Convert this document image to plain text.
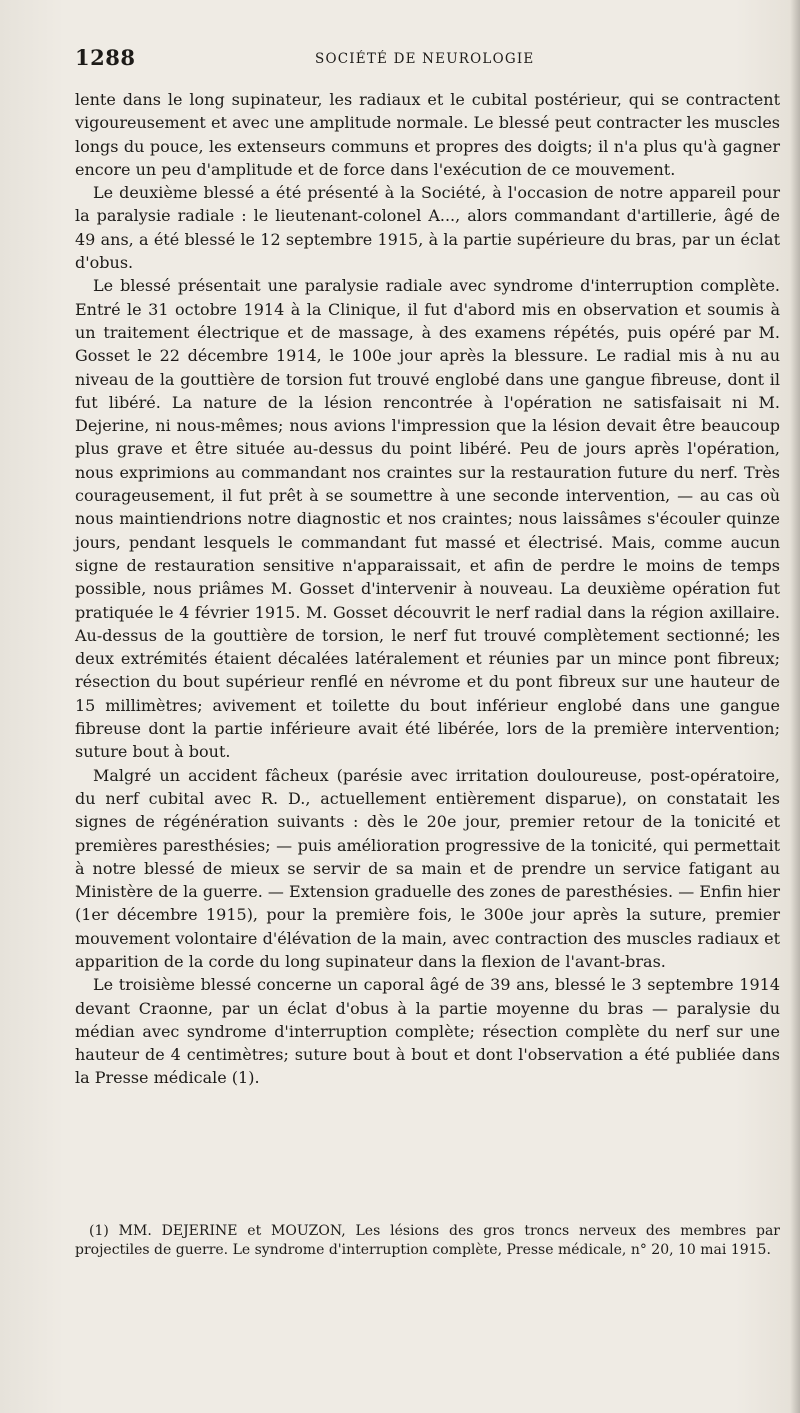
1288	SOCIÉTÉ DE NEUROLOGIE

lente dans le long supinateur, les radiaux et le cubital postérieur, qui se contractent vigoureusement et avec une amplitude normale. Le blessé peut contracter les muscles longs du pouce, les extenseurs communs et propres des doigts; il n'a plus qu'à gagner encore un peu d'amplitude et de force dans l'exécution de ce mouvement.

Le deuxième blessé a été présenté à la Société, à l'occasion de notre appareil pour la paralysie radiale : le lieutenant-colonel A..., alors commandant d'artillerie, âgé de 49 ans, a été blessé le 12 septembre 1915, à la partie supérieure du bras, par un éclat d'obus.

Le blessé présentait une paralysie radiale avec syndrome d'interruption complète. Entré le 31 octobre 1914 à la Clinique, il fut d'abord mis en observation et soumis à un traitement électrique et de massage, à des examens répétés, puis opéré par M. Gosset le 22 décembre 1914, le 100e jour après la blessure. Le radial mis à nu au niveau de la gouttière de torsion fut trouvé englobé dans une gangue fibreuse, dont il fut libéré. La nature de la lésion rencontrée à l'opération ne satisfaisait ni M. Dejerine, ni nous-mêmes; nous avions l'impression que la lésion devait être beaucoup plus grave et être située au-dessus du point libéré. Peu de jours après l'opération, nous exprimions au commandant nos craintes sur la restauration future du nerf. Très courageusement, il fut prêt à se soumettre à une seconde intervention, — au cas où nous maintiendrions notre diagnostic et nos craintes; nous laissâmes s'écouler quinze jours, pendant lesquels le commandant fut massé et électrisé. Mais, comme aucun signe de restauration sensitive n'apparaissait, et afin de perdre le moins de temps possible, nous priâmes M. Gosset d'intervenir à nouveau. La deuxième opération fut pratiquée le 4 février 1915. M. Gosset découvrit le nerf radial dans la région axillaire. Au-dessus de la gouttière de torsion, le nerf fut trouvé complètement sectionné; les deux extrémités étaient décalées latéralement et réunies par un mince pont fibreux; résection du bout supérieur renflé en névrome et du pont fibreux sur une hauteur de 15 millimètres; avivement et toilette du bout inférieur englobé dans une gangue fibreuse dont la partie inférieure avait été libérée, lors de la première intervention; suture bout à bout.

Malgré un accident fâcheux (parésie avec irritation douloureuse, post-opératoire, du nerf cubital avec R. D., actuellement entièrement disparue), on constatait les signes de régénération suivants : dès le 20e jour, premier retour de la tonicité et premières paresthésies; — puis amélioration progressive de la tonicité, qui permettait à notre blessé de mieux se servir de sa main et de prendre un service fatigant au Ministère de la guerre. — Extension graduelle des zones de paresthésies. — Enfin hier (1er décembre 1915), pour la première fois, le 300e jour après la suture, premier mouvement volontaire d'élévation de la main, avec contraction des muscles radiaux et apparition de la corde du long supinateur dans la flexion de l'avant-bras.

Le troisième blessé concerne un caporal âgé de 39 ans, blessé le 3 septembre 1914 devant Craonne, par un éclat d'obus à la partie moyenne du bras — paralysie du médian avec syndrome d'interruption complète; résection complète du nerf sur une hauteur de 4 centimètres; suture bout à bout et dont l'observation a été publiée dans la Presse médicale (1).

(1) MM. DEJERINE et MOUZON, Les lésions des gros troncs nerveux des membres par projectiles de guerre. Le syndrome d'interruption complète, Presse médicale, n° 20, 10 mai 1915.
